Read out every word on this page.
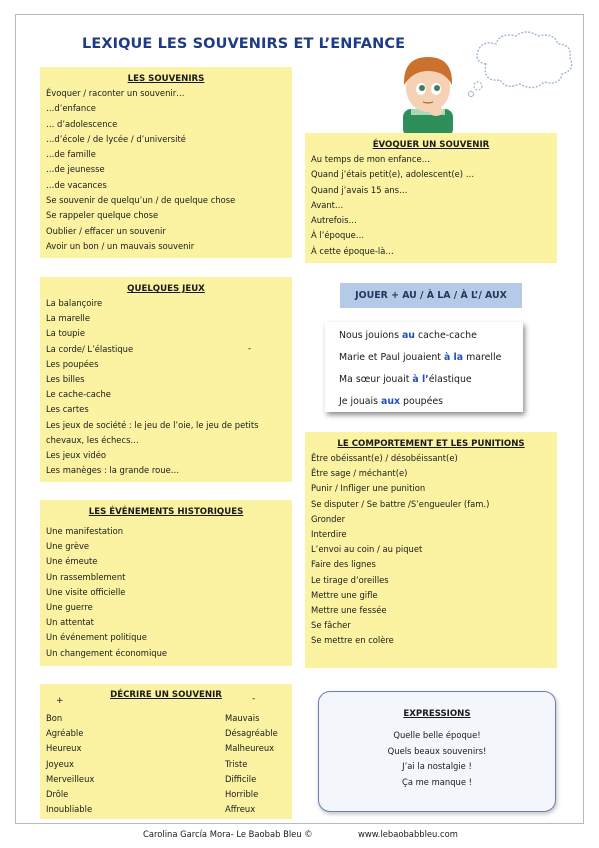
LEXIQUE LES SOUVENIRS ET L’ENFANCE
LES SOUVENIRS
Évoquer / raconter un souvenir…
…d’enfance
… d’adolescence
…d’école / de lycée / d’université
…de famille
…de jeunesse
…de vacances
Se souvenir de quelqu’un / de quelque chose
Se rappeler quelque chose
Oublier / effacer un souvenir
Avoir un bon / un mauvais souvenir
ÉVOQUER UN SOUVENIR
Au temps de mon enfance…
Quand j’étais petit(e), adolescent(e) …
Quand j’avais 15 ans…
Avant…
Autrefois…
À l’époque…
À cette époque-là…
QUELQUES JEUX
La balançoire
La marelle
La toupie
La corde/ L’élastique
Les poupées
Les billes
Le cache-cache
Les cartes
Les jeux de société : le jeu de l’oie, le jeu de petits
chevaux, les échecs…
Les jeux vidéo
Les manèges : la grande roue…
-
JOUER + AU / À LA / À L’/ AUX
Nous jouions au cache-cache
Marie et Paul jouaient à la marelle
Ma sœur jouait à l’élastique
Je jouais aux poupées
LE COMPORTEMENT ET LES PUNITIONS
Être obéissant(e) / désobéissant(e)
Être sage / méchant(e)
Punir / Infliger une punition
Se disputer / Se battre /S’engueuler (fam.)
Gronder
Interdire
L’envoi au coin / au piquet
Faire des lignes
Le tirage d’oreilles
Mettre une gifle
Mettre une fessée
Se fâcher
Se mettre en colère
LES ÉVÉNEMENTS HISTORIQUES
Une manifestation
Une grève
Une émeute
Un rassemblement
Une visite officielle
Une guerre
Un attentat
Un événement politique
Un changement économique
DÉCRIRE UN SOUVENIR
+	-
Bon
Agréable
Heureux
Joyeux
Merveilleux
Drôle
Inoubliable
Mauvais
Désagréable
Malheureux
Triste
Difficile
Horrible
Affreux
EXPRESSIONS
Quelle belle époque!
Quels beaux souvenirs!
J’ai la nostalgie !
Ça me manque !
Carolina García Mora- Le Baobab Bleu ©	www.lebaobabbleu.com
